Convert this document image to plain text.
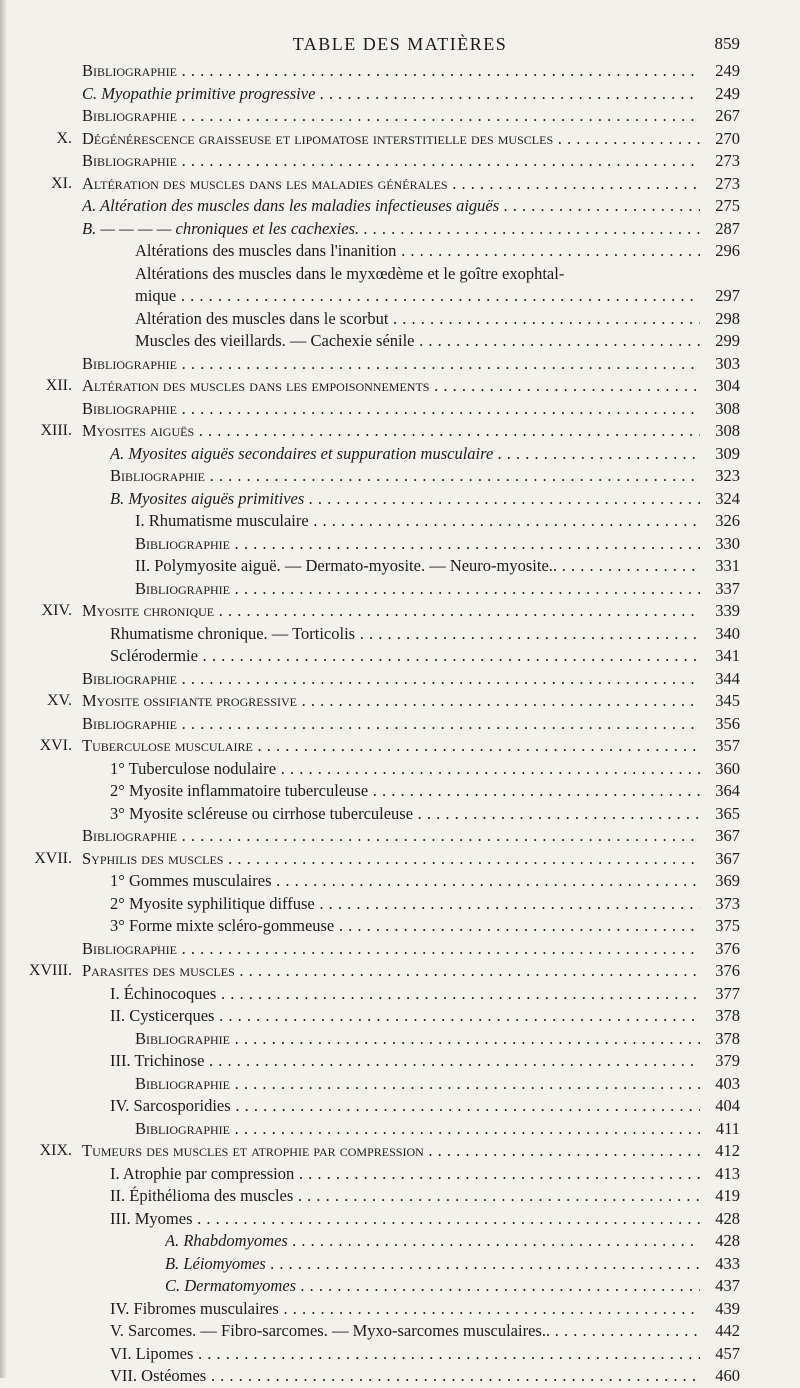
TABLE DES MATIÈRES	859
Bibliographie . . .	249
C. Myopathie primitive progressive . . .	249
Bibliographie . . .	267
X. Dégénérescence graisseuse et lipomatose interstitielle des muscles . . .	270
Bibliographie . . .	273
XI. Altération des muscles dans les maladies générales . . .	273
A. Altération des muscles dans les maladies infectieuses aiguës . . .	275
B. — — — — chroniques et les cachexies. . . .	287
Altérations des muscles dans l'inanition . . .	296
Altérations des muscles dans le myxœdème et le goître exophtal-
mique . . .	297
Altération des muscles dans le scorbut . . .	298
Muscles des vieillards. — Cachexie sénile . . .	299
Bibliographie . . .	303
XII. Altération des muscles dans les empoisonnements . . .	304
Bibliographie . . .	308
XIII. Myosites aiguës . . .	308
A. Myosites aiguës secondaires et suppuration musculaire . . .	309
Bibliographie . . .	323
B. Myosites aiguës primitives . . .	324
I. Rhumatisme musculaire . . .	326
Bibliographie . . .	330
II. Polymyosite aiguë. — Dermato-myosite. — Neuro-myosite.. . . .	331
Bibliographie . . .	337
XIV. Myosite chronique . . .	339
Rhumatisme chronique. — Torticolis . . .	340
Sclérodermie . . .	341
Bibliographie . . .	344
XV. Myosite ossifiante progressive . . .	345
Bibliographie . . .	356
XVI. Tuberculose musculaire . . .	357
1° Tuberculose nodulaire . . .	360
2° Myosite inflammatoire tuberculeuse . . .	364
3° Myosite scléreuse ou cirrhose tuberculeuse . . .	365
Bibliographie . . .	367
XVII. Syphilis des muscles . . .	367
1° Gommes musculaires . . .	369
2° Myosite syphilitique diffuse . . .	373
3° Forme mixte scléro-gommeuse . . .	375
Bibliographie . . .	376
XVIII. Parasites des muscles . . .	376
I. Échinocoques . . .	377
II. Cysticerques . . .	378
Bibliographie . . .	378
III. Trichinose . . .	379
Bibliographie . . .	403
IV. Sarcosporidies . . .	404
Bibliographie . . .	411
XIX. Tumeurs des muscles et atrophie par compression . . .	412
I. Atrophie par compression . . .	413
II. Épithélioma des muscles . . .	419
III. Myomes . . .	428
A. Rhabdomyomes . . .	428
B. Léiomyomes . . .	433
C. Dermatomyomes . . .	437
IV. Fibromes musculaires . . .	439
V. Sarcomes. — Fibro-sarcomes. — Myxo-sarcomes musculaires.. . . .	442
VI. Lipomes . . .	457
VII. Ostéomes . . .	460
